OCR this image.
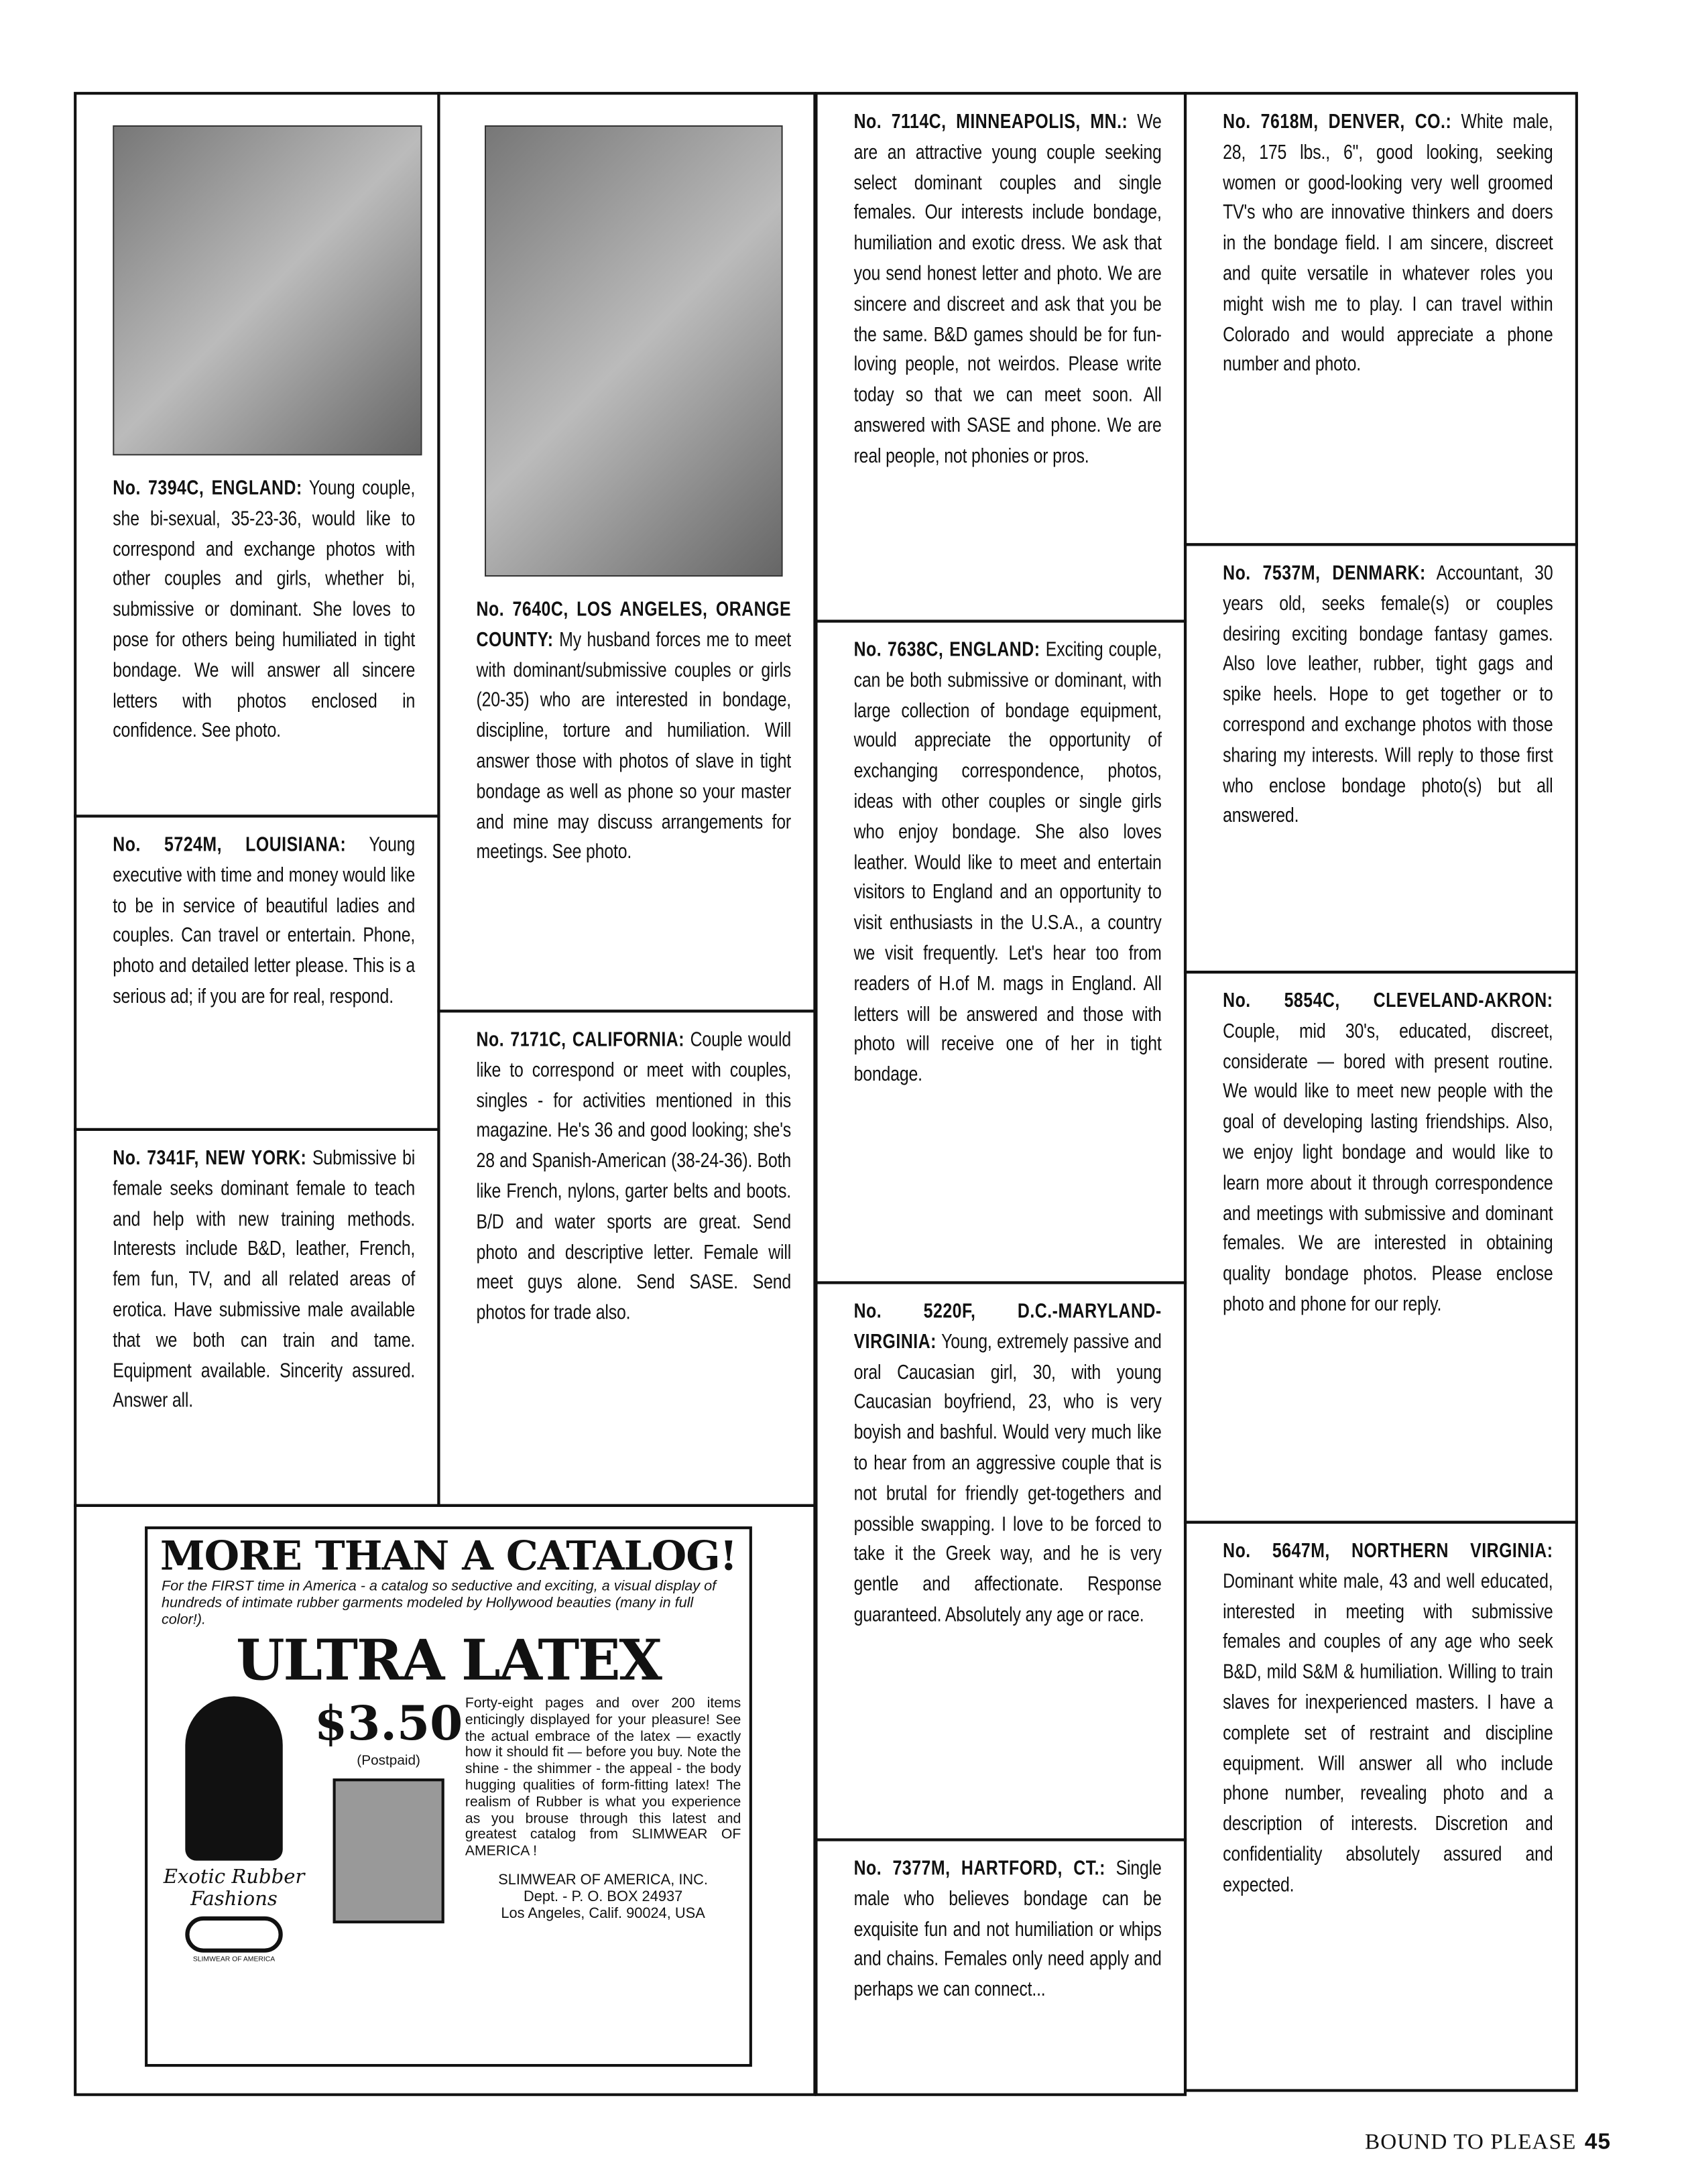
MORE THAN A CATALOG!
For the FIRST time in America - a catalog so seductive and exciting, a visual display of hundreds of intimate rubber garments modeled by Hollywood beauties (many in full color!).
ULTRA LATEX
Exotic Rubber Fashions
SLIMWEAR OF AMERICA
$3.50
(Postpaid)
Forty-eight pages and over 200 items enticingly displayed for your pleasure! See the actual embrace of the latex — exactly how it should fit — before you buy. Note the shine - the shimmer - the appeal - the body hugging qualities of form-fitting latex! The realism of Rubber is what you experience as you brouse through this latest and greatest catalog from SLIMWEAR OF AMERICA !
SLIMWEAR OF AMERICA, INC.
Dept. - P. O. BOX 24937
Los Angeles, Calif. 90024, USA
BOUND TO PLEASE 45

No. 7394C, ENGLAND: Young couple, she bi-sexual, 35-23-36, would like to correspond and exchange photos with other couples and girls, whether bi, submissive or dominant. She loves to pose for others being humiliated in tight bondage. We will answer all sincere letters with photos enclosed in confidence. See photo.

No. 5724M, LOUISIANA: Young executive with time and money would like to be in service of beautiful ladies and couples. Can travel or entertain. Phone, photo and detailed letter please. This is a serious ad; if you are for real, respond.

No. 7341F, NEW YORK: Submissive bi female seeks dominant female to teach and help with new training methods. Interests include B&D, leather, French, fem fun, TV, and all related areas of erotica. Have submissive male available that we both can train and tame. Equipment available. Sincerity assured. Answer all.

No. 7640C, LOS ANGELES, ORANGE COUNTY: My husband forces me to meet with dominant/submissive couples or girls (20-35) who are interested in bondage, discipline, torture and humiliation. Will answer those with photos of slave in tight bondage as well as phone so your master and mine may discuss arrangements for meetings. See photo.

No. 7171C, CALIFORNIA: Couple would like to correspond or meet with couples, singles - for activities mentioned in this magazine. He's 36 and good looking; she's 28 and Spanish-American (38-24-36). Both like French, nylons, garter belts and boots. B/D and water sports are great. Send photo and descriptive letter. Female will meet guys alone. Send SASE. Send photos for trade also.

No. 7114C, MINNEAPOLIS, MN.: We are an attractive young couple seeking select dominant couples and single females. Our interests include bondage, humiliation and exotic dress. We ask that you send honest letter and photo. We are sincere and discreet and ask that you be the same. B&D games should be for fun-loving people, not weirdos. Please write today so that we can meet soon. All answered with SASE and phone. We are real people, not phonies or pros.

No. 7638C, ENGLAND: Exciting couple, can be both submissive or dominant, with large collection of bondage equipment, would appreciate the opportunity of exchanging correspondence, photos, ideas with other couples or single girls who enjoy bondage. She also loves leather. Would like to meet and entertain visitors to England and an opportunity to visit enthusiasts in the U.S.A., a country we visit frequently. Let's hear too from readers of H.of M. mags in England. All letters will be answered and those with photo will receive one of her in tight bondage.

No. 5220F, D.C.-MARYLAND-VIRGINIA: Young, extremely passive and oral Caucasian girl, 30, with young Caucasian boyfriend, 23, who is very boyish and bashful. Would very much like to hear from an aggressive couple that is not brutal for friendly get-togethers and possible swapping. I love to be forced to take it the Greek way, and he is very gentle and affectionate. Response guaranteed. Absolutely any age or race.

No. 7377M, HARTFORD, CT.: Single male who believes bondage can be exquisite fun and not humiliation or whips and chains. Females only need apply and perhaps we can connect...

No. 7618M, DENVER, CO.: White male, 28, 175 lbs., 6", good looking, seeking women or good-looking very well groomed TV's who are innovative thinkers and doers in the bondage field. I am sincere, discreet and quite versatile in whatever roles you might wish me to play. I can travel within Colorado and would appreciate a phone number and photo.

No. 7537M, DENMARK: Accountant, 30 years old, seeks female(s) or couples desiring exciting bondage fantasy games. Also love leather, rubber, tight gags and spike heels. Hope to get together or to correspond and exchange photos with those sharing my interests. Will reply to those first who enclose bondage photo(s) but all answered.

No. 5854C, CLEVELAND-AKRON: Couple, mid 30's, educated, discreet, considerate — bored with present routine. We would like to meet new people with the goal of developing lasting friendships. Also, we enjoy light bondage and would like to learn more about it through correspondence and meetings with submissive and dominant females. We are interested in obtaining quality bondage photos. Please enclose photo and phone for our reply.

No. 5647M, NORTHERN VIRGINIA: Dominant white male, 43 and well educated, interested in meeting with submissive females and couples of any age who seek B&D, mild S&M & humiliation. Willing to train slaves for inexperienced masters. I have a complete set of restraint and discipline equipment. Will answer all who include phone number, revealing photo and a description of interests. Discretion and confidentiality absolutely assured and expected.
